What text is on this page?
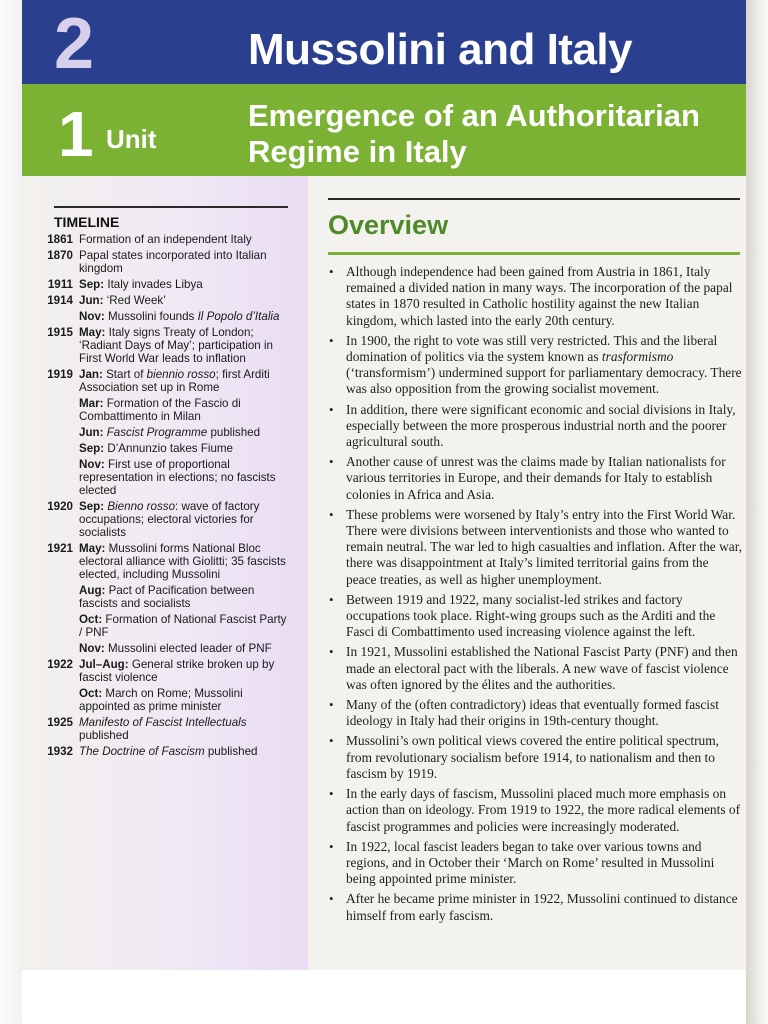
2	Mussolini and Italy
1 Unit
Emergence of an Authoritarian Regime in Italy
TIMELINE
1861 Formation of an independent Italy
1870 Papal states incorporated into Italian kingdom
1911 Sep: Italy invades Libya
1914 Jun: ‘Red Week’
Nov: Mussolini founds Il Popolo d’Italia
1915 May: Italy signs Treaty of London; ‘Radiant Days of May’; participation in First World War leads to inflation
1919 Jan: Start of biennio rosso; first Arditi Association set up in Rome
Mar: Formation of the Fascio di Combattimento in Milan
Jun: Fascist Programme published
Sep: D’Annunzio takes Fiume
Nov: First use of proportional representation in elections; no fascists elected
1920 Sep: Bienno rosso: wave of factory occupations; electoral victories for socialists
1921 May: Mussolini forms National Bloc electoral alliance with Giolitti; 35 fascists elected, including Mussolini
Aug: Pact of Pacification between fascists and socialists
Oct: Formation of National Fascist Party / PNF
Nov: Mussolini elected leader of PNF
1922 Jul–Aug: General strike broken up by fascist violence
Oct: March on Rome; Mussolini appointed as prime minister
1925 Manifesto of Fascist Intellectuals published
1932 The Doctrine of Fascism published
Overview
• Although independence had been gained from Austria in 1861, Italy remained a divided nation in many ways. The incorporation of the papal states in 1870 resulted in Catholic hostility against the new Italian kingdom, which lasted into the early 20th century.
• In 1900, the right to vote was still very restricted. This and the liberal domination of politics via the system known as trasformismo (‘transformism’) undermined support for parliamentary democracy. There was also opposition from the growing socialist movement.
• In addition, there were significant economic and social divisions in Italy, especially between the more prosperous industrial north and the poorer agricultural south.
• Another cause of unrest was the claims made by Italian nationalists for various territories in Europe, and their demands for Italy to establish colonies in Africa and Asia.
• These problems were worsened by Italy’s entry into the First World War. There were divisions between interventionists and those who wanted to remain neutral. The war led to high casualties and inflation. After the war, there was disappointment at Italy’s limited territorial gains from the peace treaties, as well as higher unemployment.
• Between 1919 and 1922, many socialist-led strikes and factory occupations took place. Right-wing groups such as the Arditi and the Fasci di Combattimento used increasing violence against the left.
• In 1921, Mussolini established the National Fascist Party (PNF) and then made an electoral pact with the liberals. A new wave of fascist violence was often ignored by the élites and the authorities.
• Many of the (often contradictory) ideas that eventually formed fascist ideology in Italy had their origins in 19th-century thought.
• Mussolini’s own political views covered the entire political spectrum, from revolutionary socialism before 1914, to nationalism and then to fascism by 1919.
• In the early days of fascism, Mussolini placed much more emphasis on action than on ideology. From 1919 to 1922, the more radical elements of fascist programmes and policies were increasingly moderated.
• In 1922, local fascist leaders began to take over various towns and regions, and in October their ‘March on Rome’ resulted in Mussolini being appointed prime minister.
• After he became prime minister in 1922, Mussolini continued to distance himself from early fascism.
